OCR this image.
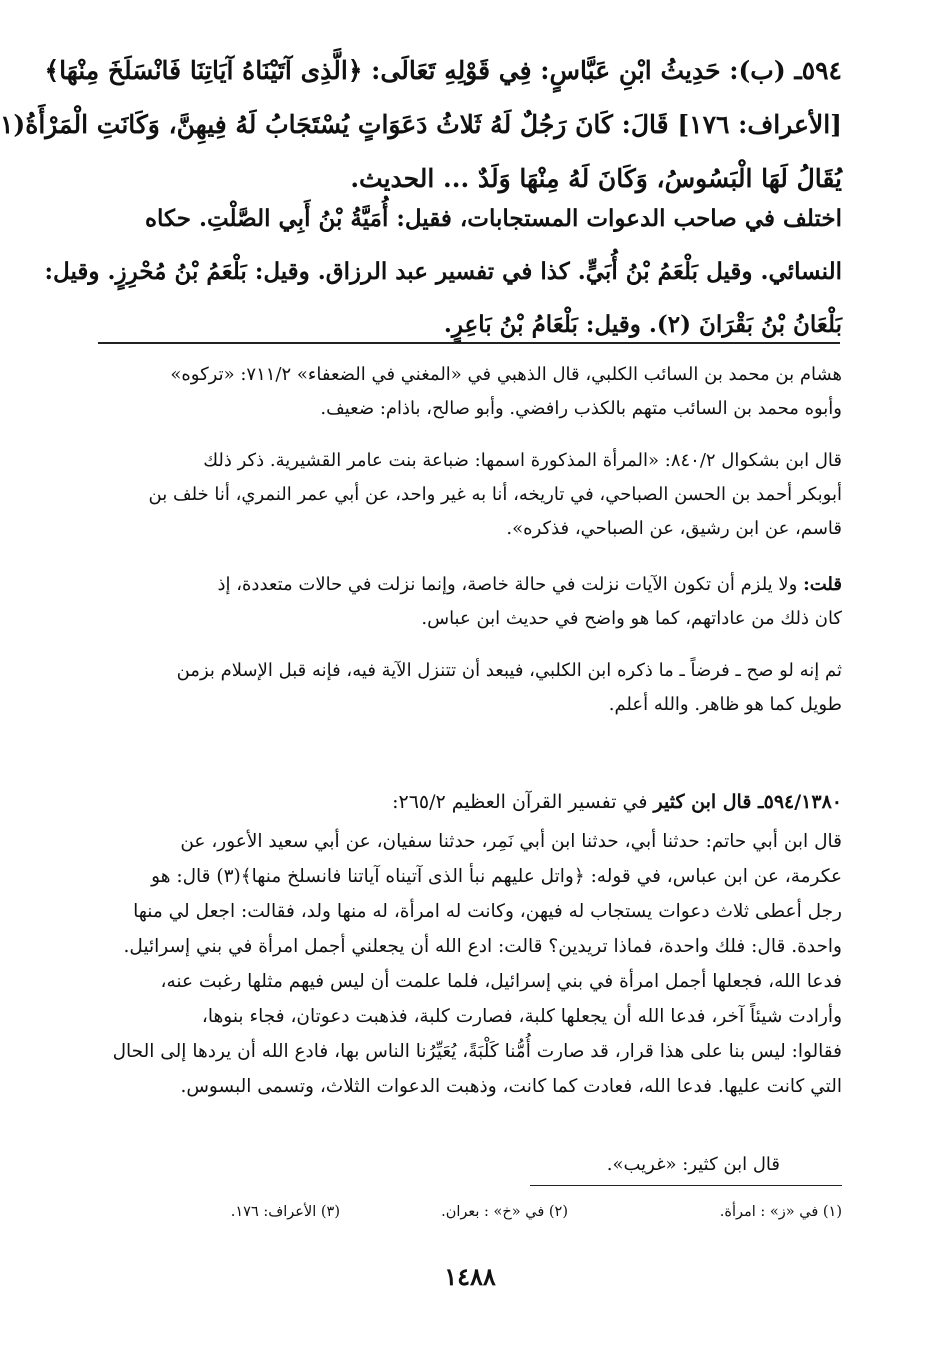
٥٩٤ـ (ب): حَدِيثُ ابْنِ عَبَّاسٍ: فِي قَوْلِهِ تَعَالَى: ﴿الَّذِى آتَيْنَاهُ آيَاتِنَا فَانْسَلَخَ مِنْهَا﴾
[الأعراف: ١٧٦] قَالَ: كَانَ رَجُلٌ لَهُ ثَلاثُ دَعَوَاتٍ يُسْتَجَابُ لَهُ فِيهِنَّ، وَكَانَتِ الْمَرْأَةُ(١
يُقَالُ لَهَا الْبَسُوسُ، وَكَانَ لَهُ مِنْهَا وَلَدٌ ... الحديث.
اختلف في صاحب الدعوات المستجابات، فقيل: أُمَيَّةُ بْنُ أَبِي الصَّلْتِ. حكاه
النسائي. وقيل بَلْعَمُ بْنُ أُبَيٍّ. كذا في تفسير عبد الرزاق. وقيل: بَلْعَمُ بْنُ مُحْرِزٍ. وقيل:
بَلْعَانُ بْنُ بَقْرَانَ (٢). وقيل: بَلْعَامُ بْنُ بَاعِرٍ.
هشام بن محمد بن السائب الكلبي، قال الذهبي في «المغني في الضعفاء» ٧١١/٢: «تركوه»
وأبوه محمد بن السائب متهم بالكذب رافضي. وأبو صالح، باذام: ضعيف.
قال ابن بشكوال ٨٤٠/٢: «المرأة المذكورة اسمها: ضباعة بنت عامر القشيرية. ذكر ذلك
أبوبكر أحمد بن الحسن الصباحي، في تاريخه، أنا به غير واحد، عن أبي عمر النمري، أنا خلف بن
قاسم، عن ابن رشيق، عن الصباحي، فذكره».
قلت: ولا يلزم أن تكون الآيات نزلت في حالة خاصة، وإنما نزلت في حالات متعددة، إذ
كان ذلك من عاداتهم، كما هو واضح في حديث ابن عباس.
ثم إنه لو صح ـ فرضاً ـ ما ذكره ابن الكلبي، فيبعد أن تتنزل الآية فيه، فإنه قبل الإسلام بزمن
طويل كما هو ظاهر. والله أعلم.
٥٩٤/١٣٨٠ـ قال ابن كثير في تفسير القرآن العظيم ٢٦٥/٢:
قال ابن أبي حاتم: حدثنا أبي، حدثنا ابن أبي نَمِر، حدثنا سفيان، عن أبي سعيد الأعور، عن
عكرمة، عن ابن عباس، في قوله: ﴿واتل عليهم نبأ الذى آتيناه آياتنا فانسلخ منها﴾(٣) قال: هو
رجل أعطى ثلاث دعوات يستجاب له فيهن، وكانت له امرأة، له منها ولد، فقالت: اجعل لي منها
واحدة. قال: فلك واحدة، فماذا تريدين؟ قالت: ادع الله أن يجعلني أجمل امرأة في بني إسرائيل.
فدعا الله، فجعلها أجمل امرأة في بني إسرائيل، فلما علمت أن ليس فيهم مثلها رغبت عنه،
وأرادت شيئاً آخر، فدعا الله أن يجعلها كلبة، فصارت كلبة، فذهبت دعوتان، فجاء بنوها،
فقالوا: ليس بنا على هذا قرار، قد صارت أُمُّنا كَلْبَةً، يُعَيِّرُنا الناس بها، فادع الله أن يردها إلى الحال
التي كانت عليها. فدعا الله، فعادت كما كانت، وذهبت الدعوات الثلاث، وتسمى البسوس.
قال ابن كثير: «غريب».
(١) في «ز» : امرأة.
(٢) في «خ» : بعران.
(٣) الأعراف: ١٧٦.
١٤٨٨
